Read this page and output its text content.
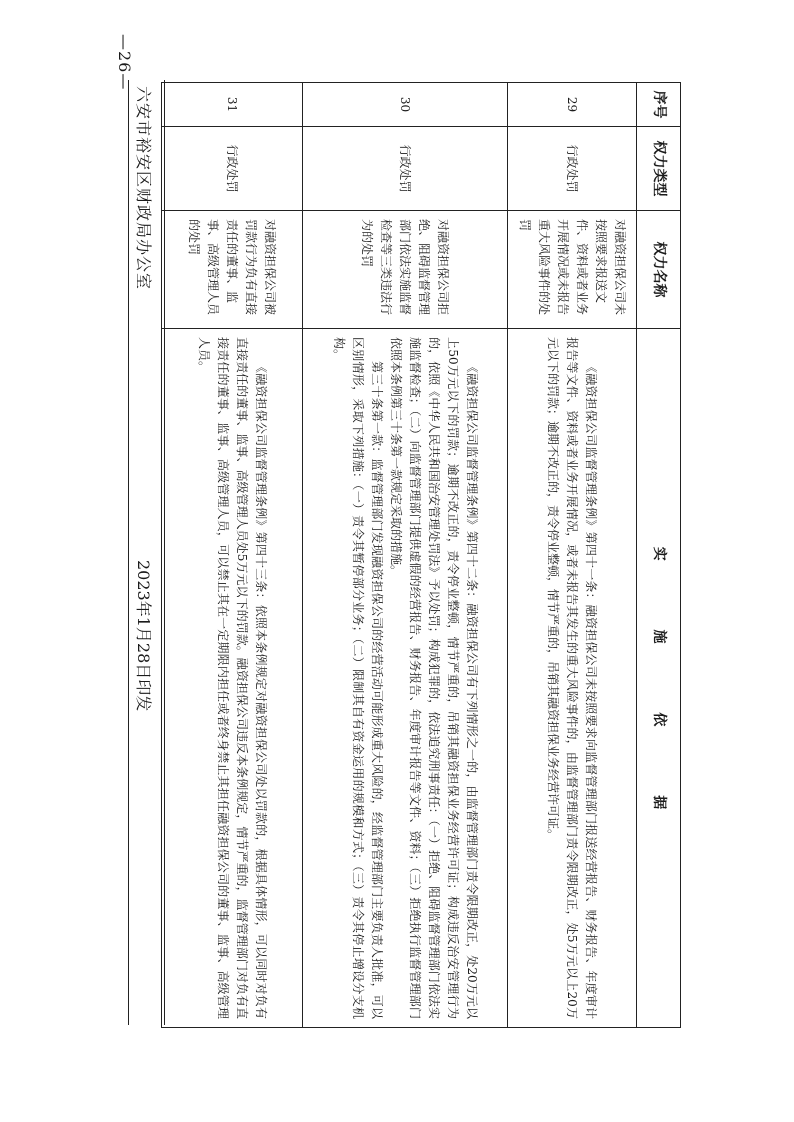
序号	权力类型	权力名称	实 施 依 据
29	行政处罚	对融资担保公司未按照要求报送文件、资料或者业务开展情况或未报告重大风险事件的处罚	《融资担保公司监督管理条例》第四十一条：融资担保公司未按照要求向监督管理部门报送经营报告、财务报告、年度审计报告等文件、资料或者业务开展情况，或者未报告其发生的重大风险事件的，由监督管理部门责令限期改正，处5万元以上20万元以下的罚款；逾期不改正的，责令停业整顿，情节严重的，吊销其融资担保业务经营许可证。

30	行政处罚	对融资担保公司拒绝、阻碍监督管理部门依法实施监督检查等三类违法行为的处罚	《融资担保公司监督管理条例》第四十二条：融资担保公司有下列情形之一的，由监督管理部门责令限期改正，处20万元以上50万元以下的罚款；逾期不改正的，责令停业整顿，情节严重的，吊销其融资担保业务经营许可证；构成违反治安管理行为的，依照《中华人民共和国治安管理处罚法》予以处罚；构成犯罪的，依法追究刑事责任：（一）拒绝、阻碍监督管理部门依法实施监督检查；（二）向监督管理部门提供虚假的经营报告、财务报告、年度审计报告等文件、资料；（三）拒绝执行监督管理部门依照本条例第三十条第一款规定采取的措施。

第三十条第一款：监督管理部门发现融资担保公司的经营活动可能形成重大风险的，经监督管理部门主要负责人批准，可以区别情形，采取下列措施：（一）责令其暂停部分业务；（二）限制其自有资金运用的规模和方式；（三）责令其停止增设分支机构。

31	行政处罚	对融资担保公司被罚款行为负有直接责任的董事、监事、高级管理人员的处罚	《融资担保公司监督管理条例》第四十三条：依照本条例规定对融资担保公司处以罚款的，根据具体情形，可以同时对负有直接责任的董事、监事、高级管理人员处5万元以下的罚款。融资担保公司违反本条例规定，情节严重的，监督管理部门对负有直接责任的董事、监事、高级管理人员，可以禁止其在一定期限内担任或者终身禁止其担任融资担保公司的董事、监事、高级管理人员。

六安市裕安区财政局办公室
2023年1月28日印发
—26—
